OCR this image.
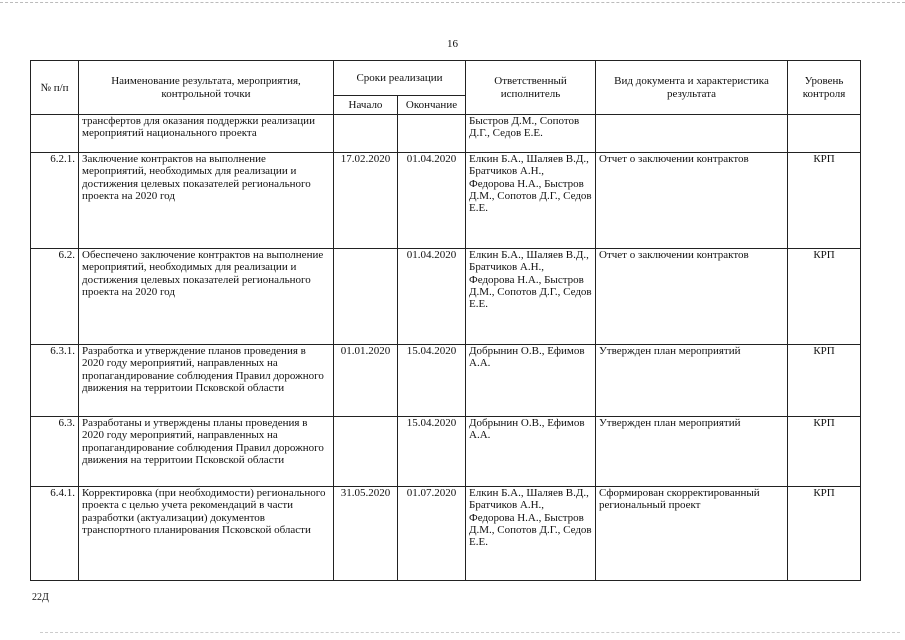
16
№ п/п	Наименование результата, мероприятия, контрольной точки	Сроки реализации		Ответственный исполнитель	Вид документа и характеристика результата	Уровень контроля
		Начало	Окончание			
	трансфертов для оказания поддержки реализации мероприятий национального проекта			Быстров Д.М., Сопотов Д.Г., Седов Е.Е.		
6.2.1.	Заключение контрактов на выполнение мероприятий, необходимых для реализации и достижения целевых показателей регионального проекта на 2020 год	17.02.2020	01.04.2020	Елкин Б.А., Шаляев В.Д., Братчиков А.Н., Федорова Н.А., Быстров Д.М., Сопотов Д.Г., Седов Е.Е.	Отчет о заключении контрактов	КРП
6.2.	Обеспечено заключение контрактов на выполнение мероприятий, необходимых для реализации и достижения целевых показателей регионального проекта на 2020 год		01.04.2020	Елкин Б.А., Шаляев В.Д., Братчиков А.Н., Федорова Н.А., Быстров Д.М., Сопотов Д.Г., Седов Е.Е.	Отчет о заключении контрактов	КРП
6.3.1.	Разработка и утверждение планов проведения в 2020 году мероприятий, направленных на пропагандирование соблюдения Правил дорожного движения на территоии Псковской области	01.01.2020	15.04.2020	Добрынин О.В., Ефимов А.А.	Утвержден план мероприятий	КРП
6.3.	Разработаны и утверждены планы проведения в 2020 году мероприятий, направленных на пропагандирование соблюдения Правил дорожного движения на территоии Псковской области		15.04.2020	Добрынин О.В., Ефимов А.А.	Утвержден план мероприятий	КРП
6.4.1.	Корректировка (при необходимости) регионального проекта с целью учета рекомендаций в части разработки (актуализации) документов транспортного планирования Псковской области	31.05.2020	01.07.2020	Елкин Б.А., Шаляев В.Д., Братчиков А.Н., Федорова Н.А., Быстров Д.М., Сопотов Д.Г., Седов Е.Е.	Сформирован скорректированный региональный проект	КРП
22Д
